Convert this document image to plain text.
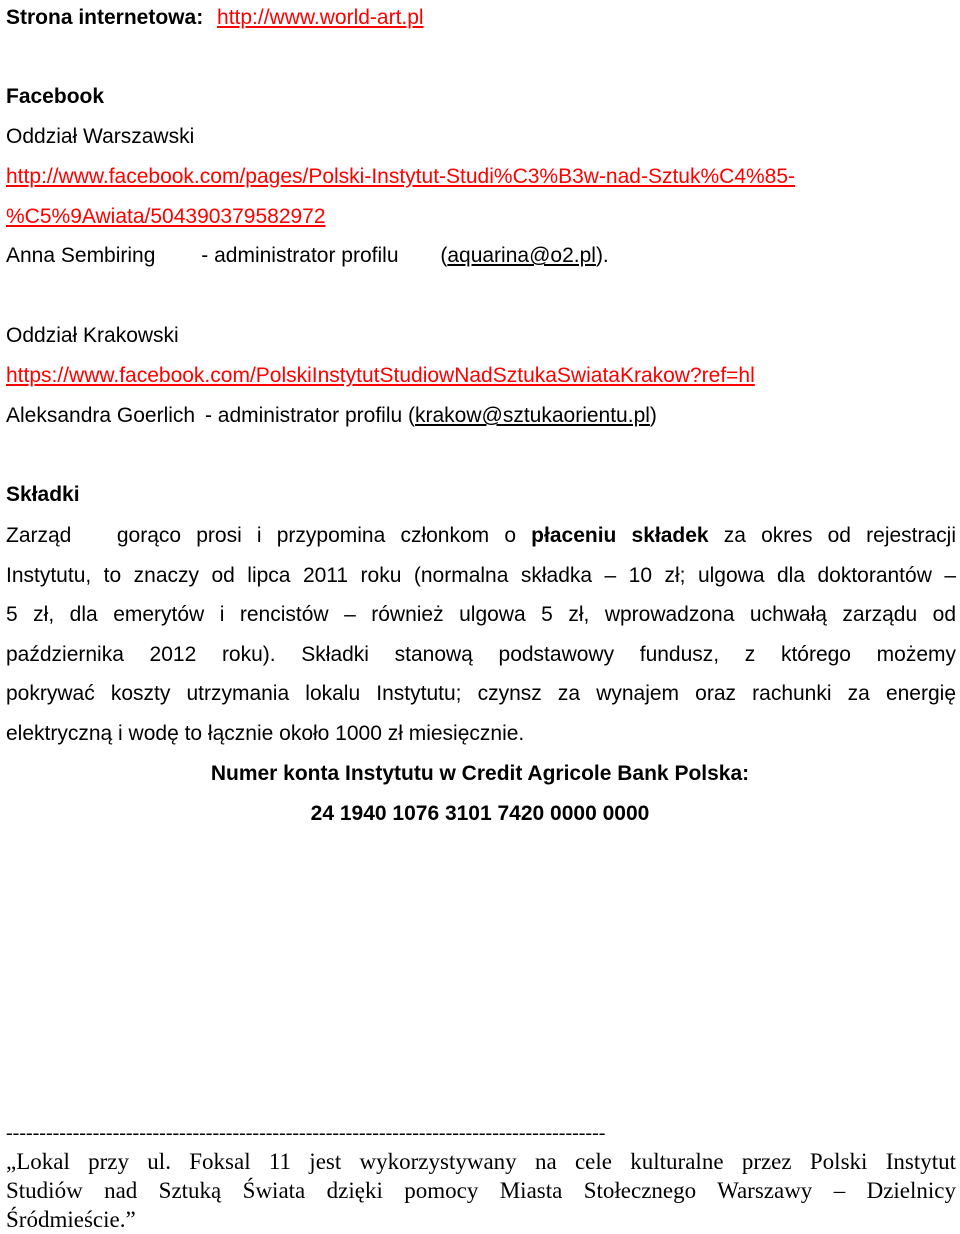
Strona internetowa: http://www.world-art.pl
Facebook
Oddział Warszawski
http://www.facebook.com/pages/Polski-Instytut-Studi%C3%B3w-nad-Sztuk%C4%85-
%C5%9Awiata/504390379582972
Anna Sembiring - administrator profilu (aquarina@o2.pl).
Oddział Krakowski
https://www.facebook.com/PolskiInstytutStudiowNadSztukaSwiataKrakow?ref=hl
Aleksandra Goerlich - administrator profilu (krakow@sztukaorientu.pl)
Składki
Zarząd   gorąco prosi i przypomina członkom o płaceniu składek za okres od rejestracji
Instytutu, to znaczy od lipca 2011 roku (normalna składka – 10 zł; ulgowa dla doktorantów –
5 zł, dla emerytów i rencistów – również ulgowa 5 zł, wprowadzona uchwałą zarządu od
października 2012 roku). Składki stanową podstawowy fundusz, z którego możemy
pokrywać koszty utrzymania lokalu Instytutu; czynsz za wynajem oraz rachunki za energię
elektryczną i wodę to łącznie około 1000 zł miesięcznie.
Numer konta Instytutu w Credit Agricole Bank Polska:
24 1940 1076 3101 7420 0000 0000
------------------------------------------------------------------------------------------
„Lokal przy ul. Foksal 11 jest wykorzystywany na cele kulturalne przez Polski Instytut
Studiów nad Sztuką Świata dzięki pomocy Miasta Stołecznego Warszawy – Dzielnicy
Śródmieście.”
